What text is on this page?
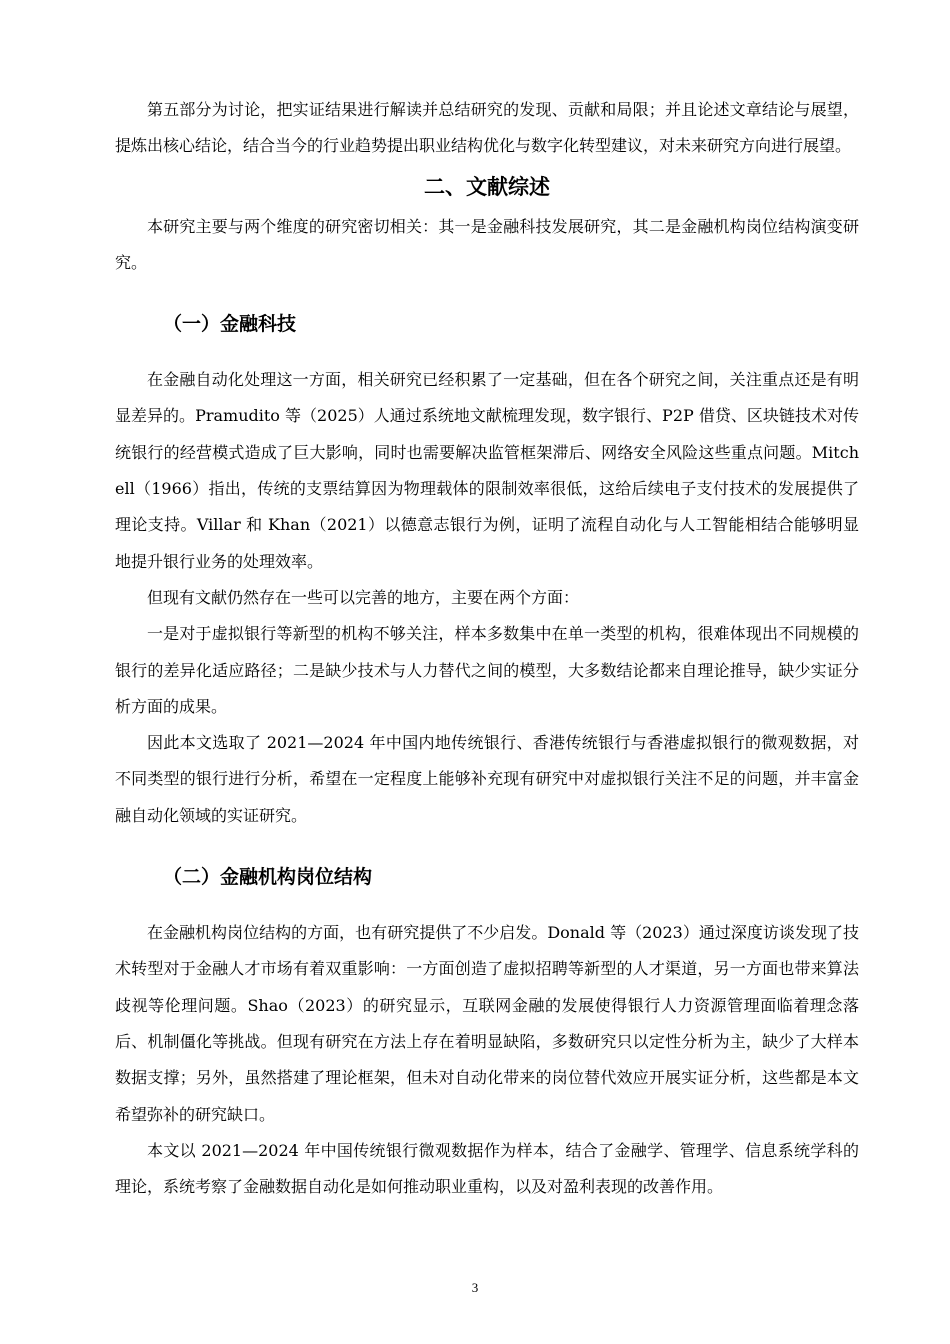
第五部分为讨论，把实证结果进行解读并总结研究的发现、贡献和局限；并且论述文章结论与展望，提炼出核心结论，结合当今的行业趋势提出职业结构优化与数字化转型建议，对未来研究方向进行展望。

二、文献综述

本研究主要与两个维度的研究密切相关：其一是金融科技发展研究，其二是金融机构岗位结构演变研究。

（一）金融科技

在金融自动化处理这一方面，相关研究已经积累了一定基础，但在各个研究之间，关注重点还是有明显差异的。Pramudito 等（2025）人通过系统地文献梳理发现，数字银行、P2P 借贷、区块链技术对传统银行的经营模式造成了巨大影响，同时也需要解决监管框架滞后、网络安全风险这些重点问题。Mitchell（1966）指出，传统的支票结算因为物理载体的限制效率很低，这给后续电子支付技术的发展提供了理论支持。Villar 和 Khan（2021）以德意志银行为例，证明了流程自动化与人工智能相结合能够明显地提升银行业务的处理效率。

但现有文献仍然存在一些可以完善的地方，主要在两个方面：

一是对于虚拟银行等新型的机构不够关注，样本多数集中在单一类型的机构，很难体现出不同规模的银行的差异化适应路径；二是缺少技术与人力替代之间的模型，大多数结论都来自理论推导，缺少实证分析方面的成果。

因此本文选取了 2021—2024 年中国内地传统银行、香港传统银行与香港虚拟银行的微观数据，对不同类型的银行进行分析，希望在一定程度上能够补充现有研究中对虚拟银行关注不足的问题，并丰富金融自动化领域的实证研究。

（二）金融机构岗位结构

在金融机构岗位结构的方面，也有研究提供了不少启发。Donald 等（2023）通过深度访谈发现了技术转型对于金融人才市场有着双重影响：一方面创造了虚拟招聘等新型的人才渠道，另一方面也带来算法歧视等伦理问题。Shao（2023）的研究显示，互联网金融的发展使得银行人力资源管理面临着理念落后、机制僵化等挑战。但现有研究在方法上存在着明显缺陷，多数研究只以定性分析为主，缺少了大样本数据支撑；另外，虽然搭建了理论框架，但未对自动化带来的岗位替代效应开展实证分析，这些都是本文希望弥补的研究缺口。

本文以 2021—2024 年中国传统银行微观数据作为样本，结合了金融学、管理学、信息系统学科的理论，系统考察了金融数据自动化是如何推动职业重构，以及对盈利表现的改善作用。

3
